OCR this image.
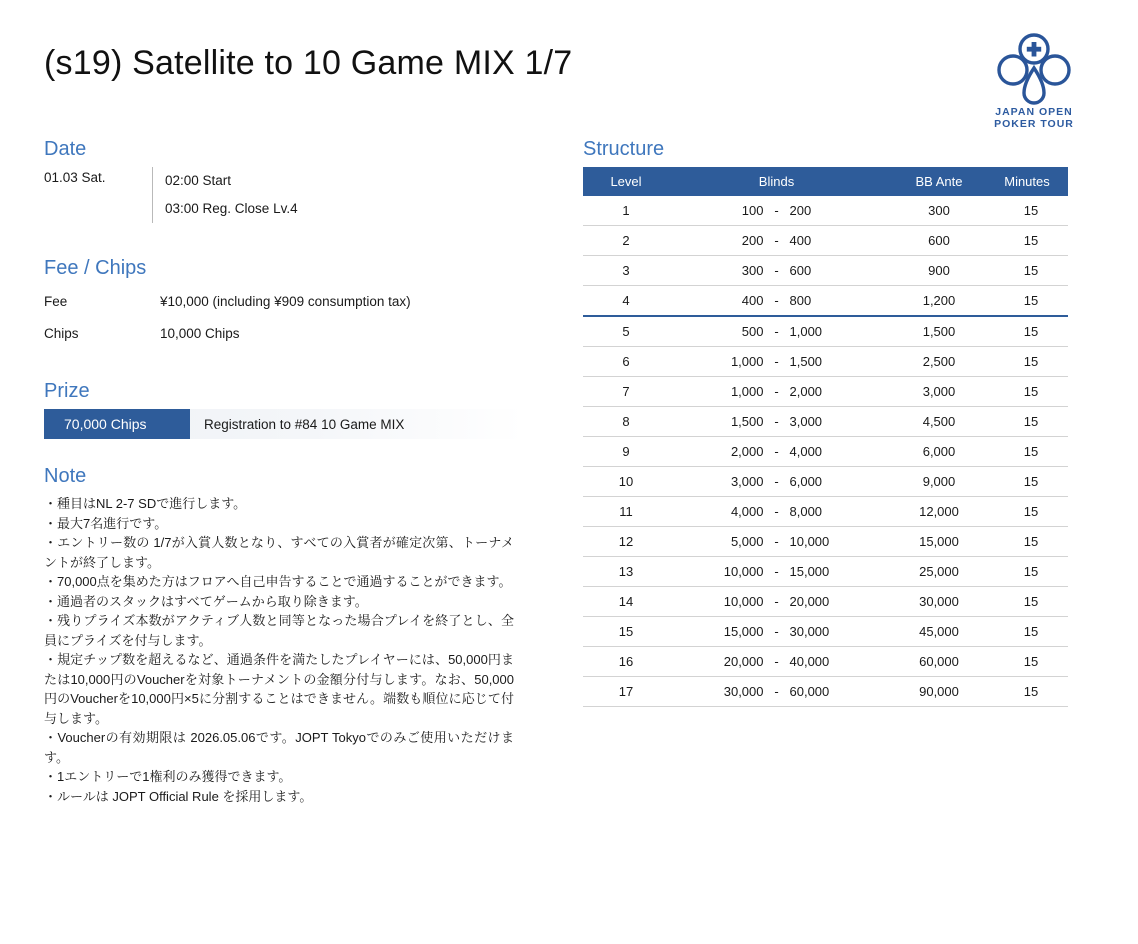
(s19) Satellite to 10 Game MIX 1/7
JAPAN OPEN
POKER TOUR
Date
01.03 Sat.	02:00 Start
03:00 Reg. Close Lv.4
Fee / Chips
Fee	¥10,000 (including ¥909 consumption tax)
Chips	10,000 Chips
Prize
70,000 Chips	Registration to #84 10 Game MIX
Note

・種目はNL 2-7 SDで進行します。

・最大7名進行です。

・エントリー数の 1/7が入賞人数となり、すべての入賞者が確定次第、トーナメントが終了します。

・70,000点を集めた方はフロアへ自己申告することで通過することができます。

・通過者のスタックはすべてゲームから取り除きます。

・残りプライズ本数がアクティブ人数と同等となった場合プレイを終了とし、全員にプライズを付与します。

・規定チップ数を超えるなど、通過条件を満たしたプレイヤーには、50,000円または10,000円のVoucherを対象トーナメントの金額分付与します。なお、50,000円のVoucherを10,000円×5に分割することはできません。端数も順位に応じて付与します。

・Voucherの有効期限は 2026.05.06です。JOPT Tokyoでのみご使用いただけます。

・1エントリーで1権利のみ獲得できます。

・ルールは JOPT Official Rule を採用します。

Structure
Level	Blinds	BB Ante	Minutes
1	100 - 200	300	15
2	200 - 400	600	15
3	300 - 600	900	15
4	400 - 800	1,200	15
5	500 - 1,000	1,500	15
6	1,000 - 1,500	2,500	15
7	1,000 - 2,000	3,000	15
8	1,500 - 3,000	4,500	15
9	2,000 - 4,000	6,000	15
10	3,000 - 6,000	9,000	15
11	4,000 - 8,000	12,000	15
12	5,000 - 10,000	15,000	15
13	10,000 - 15,000	25,000	15
14	10,000 - 20,000	30,000	15
15	15,000 - 30,000	45,000	15
16	20,000 - 40,000	60,000	15
17	30,000 - 60,000	90,000	15
